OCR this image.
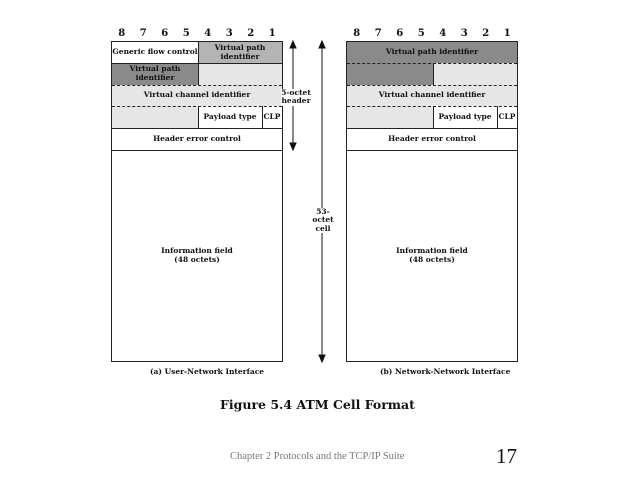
8	7	6	5	4	3	2	1
Generic flow control	Virtual path identifier
Virtual path identifier
Virtual channel identifier
Payload type CLP
Header error control
Information field
(48 octets)
(a) User-Network Interface
5-octet
header
53-octet
cell
8	7	6	5	4	3	2	1
Virtual path identifier
Virtual channel identifier
Payload type CLP
Header error control
Information field
(48 octets)
(b) Network-Network Interface
Figure 5.4 ATM Cell Format
Chapter 2 Protocols and the TCP/IP Suite	17
